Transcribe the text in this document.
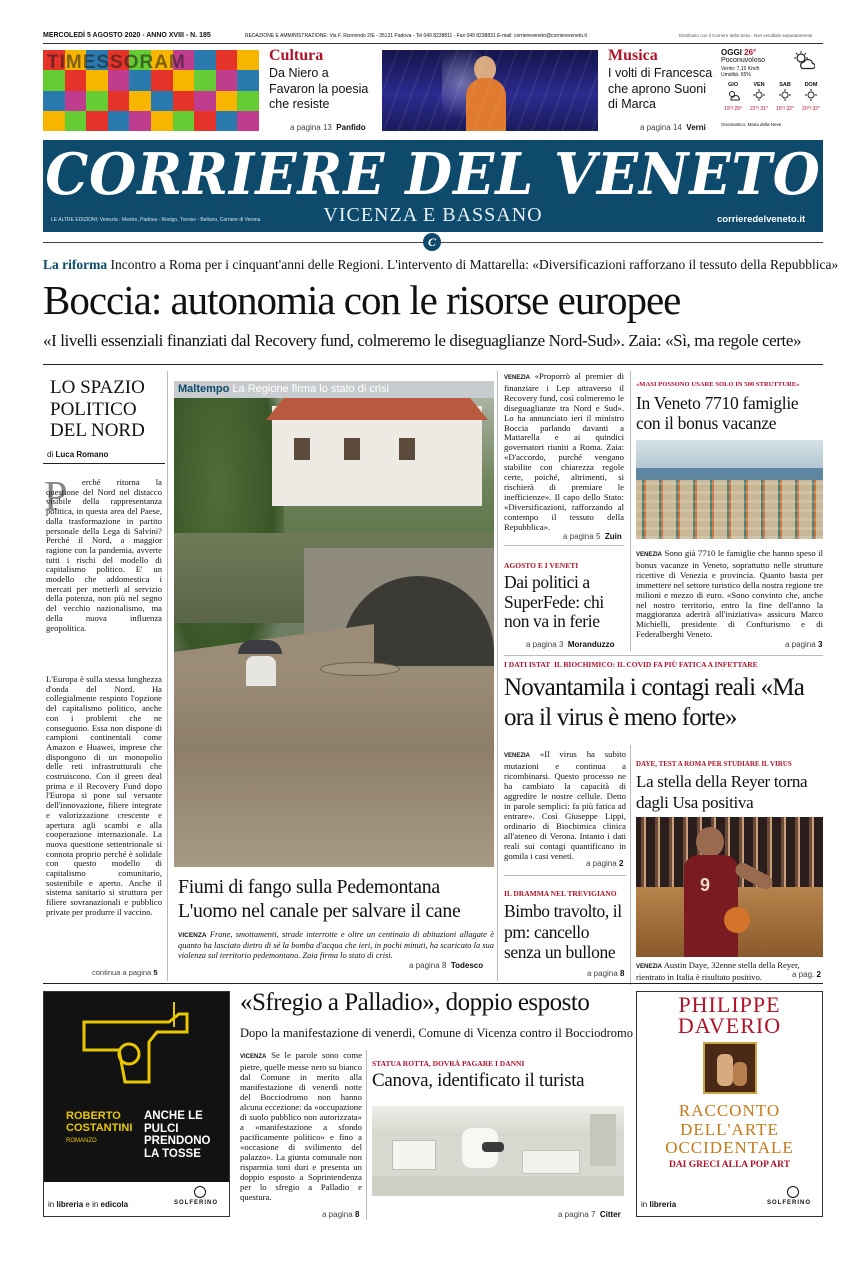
MERCOLEDÌ 5 AGOSTO 2020 - ANNO XVIII - N. 185	REDAZIONE E AMMINISTRAZIONE: Via F. Rismondo 2/E - 35131 Padova - Tel 049 8238811 - Fax 049 8238831 E-mail: corriereveneto@corriereveneto.it	Distribuito con il Corriere della Sera - Non vendibile separatamente
TIMESSORAM	Cultura
Da Niero a Favaron la poesia che resiste
a pagina 13 Panfido
Musica
I volti di Francesca che aprono Suoni di Marca
a pagina 14 Verni
OGGI 26°
Poconuvoloso
Vento: 7,15 Km/h
Umidità: 65%
GIO
19°/ 29°
VEN
22°/ 31°
SAB
19°/ 32°
DOM
20°/ 32°
Onomastico: Maria della Neve
CORRIERE DEL VENETO
VICENZA E BASSANO
LE ALTRE EDIZIONI: Venezia - Mestre, Padova - Rovigo, Treviso - Belluno, Corriere di Verona	corrieredelveneto.it
C
La riforma Incontro a Roma per i cinquant'anni delle Regioni. L'intervento di Mattarella: «Diversificazioni rafforzano il tessuto della Repubblica»
Boccia: autonomia con le risorse europee
«I livelli essenziali finanziati dal Recovery fund, colmeremo le diseguaglianze Nord-Sud». Zaia: «Sì, ma regole certe»
LO SPAZIO POLITICO DEL NORD
di Luca Romano
P	erché ritorna la questione del Nord nel distacco visibile della rappresentanza politica, in questa area del Paese, dalla trasformazione in partito personale della Lega di Salvini? Perché il Nord, a maggior ragione con la pandemia, avverte tutti i rischi del modello di capitalismo politico. E' un modello che addomestica i mercati per metterli al servizio della potenza, non più nel segno del vecchio nazionalismo, ma della nuova influenza geopolitica.
L'Europa è sulla stessa lunghezza d'onda del Nord. Ha collegialmente respinto l'opzione del capitalismo politico, anche con i problemi che ne conseguono. Essa non dispone di campioni continentali come Amazon e Huawei, imprese che dispongono di un monopolio delle reti infrastrutturali che costruiscono. Con il green deal prima e il Recovery Fund dopo l'Europa si pone sul versante dell'innovazione, filiere integrate e valorizzazione crescente e apertura agli scambi e alla cooperazione internazionale. La nuova questione settentrionale si connota proprio perché è solidale con questo modello di capitalismo comunitario, sostenibile e aperto. Anche il sistema sanitario si struttura per filiere sovranazionali e pubblico private per produrre il vaccino.
continua a pagina 5
Maltempo La Regione firma lo stato di crisi
Fiumi di fango sulla Pedemontana L'uomo nel canale per salvare il cane
VICENZA Frane, smottamenti, strade interrotte e oltre un centinaio di abitazioni allagate è quanto ha lasciato dietro di sé la bomba d'acqua che ieri, in pochi minuti, ha scaricato la sua violenza sul territorio pedemontano. Zaia firma lo stato di crisi.
a pagina 8 Todesco
VENEZIA «Proporrò al premier di finanziare i Lep attraverso il Recovery fund, così colmeremo le diseguaglianze tra Nord e Sud». Lo ha annunciato ieri il ministro Boccia parlando davanti a Mattarella e ai quindici governatori riuniti a Roma. Zaia: «D'accordo, purché vengano stabilite con chiarezza regole certe, poiché, altrimenti, si rischierà di premiare le inefficienze». Il capo dello Stato: «Diversificazioni, rafforzando al contempo il tessuto della Repubblica».
a pagina 5 Zuin
AGOSTO E I VENETI
Dai politici a SuperFede: chi non va in ferie
a pagina 3 Moranduzzo
«MASI POSSONO USARE SOLO IN 500 STRUTTURE»
In Veneto 7710 famiglie con il bonus vacanze
VENEZIA Sono già 7710 le famiglie che hanno speso il bonus vacanze in Veneto, soprattutto nelle strutture ricettive di Venezia e provincia. Quanto basta per immettere nel settore turistico della nostra regione tre milioni e mezzo di euro. «Sono convinto che, anche nel nostro territorio, entro la fine dell'anno la maggioranza aderirà all'iniziativa» assicura Marco Michielli, presidente di Confturismo e di Federalberghi Veneto.
a pagina 3
I DATI ISTAT IL BIOCHIMICO: IL COVID FA PIÙ FATICA A INFETTARE
Novantamila i contagi reali «Ma ora il virus è meno forte»
VENEZIA «Il virus ha subito mutazioni e continua a ricombinarsi. Questo processo ne ha cambiato la capacità di aggredire le nostre cellule. Detto in parole semplici: fa più fatica ad entrare». Così Giuseppe Lippi, ordinario di Biochimica clinica all'ateneo di Verona. Intanto i dati reali sui contagi quantificano in gomila i casi veneti.
a pagina 2
IL DRAMMA NEL TREVIGIANO
Bimbo travolto, il pm: cancello senza un bullone
a pagina 8
DAYE, TEST A ROMA PER STUDIARE IL VIRUS
La stella della Reyer torna dagli Usa positiva
9
VENEZIA Austin Daye, 32enne stella della Reyer, rientrato in Italia è risultato positivo.	a pag. 2
ROBERTO COSTANTINI
ROMANZO
ANCHE LE PULCI PRENDONO LA TOSSE
in libreria e in edicola	SOLFERINO
«Sfregio a Palladio», doppio esposto
Dopo la manifestazione di venerdì, Comune di Vicenza contro il Bocciodromo
VICENZA Se le parole sono come pietre, quelle messe nero su bianco dal Comune in merito alla manifestazione di venerdì notte del Bocciodromo non hanno alcuna eccezione: da «occupazione di suolo pubblico non autorizzata» a «manifestazione a sfondo pacificamente politico» e fino a «occasione di svilimento del palazzo». La giunta comunale non risparmia toni duri e presenta un doppio esposto a Soprintendenza per lo sfregio a Palladio e questura.
a pagina 8
STATUA ROTTA, DOVRÀ PAGARE I DANNI
Canova, identificato il turista
a pagina 7 Citter
PHILIPPE DAVERIO
RACCONTO DELL'ARTE OCCIDENTALE
DAI GRECI ALLA POP ART
in libreria	SOLFERINO
